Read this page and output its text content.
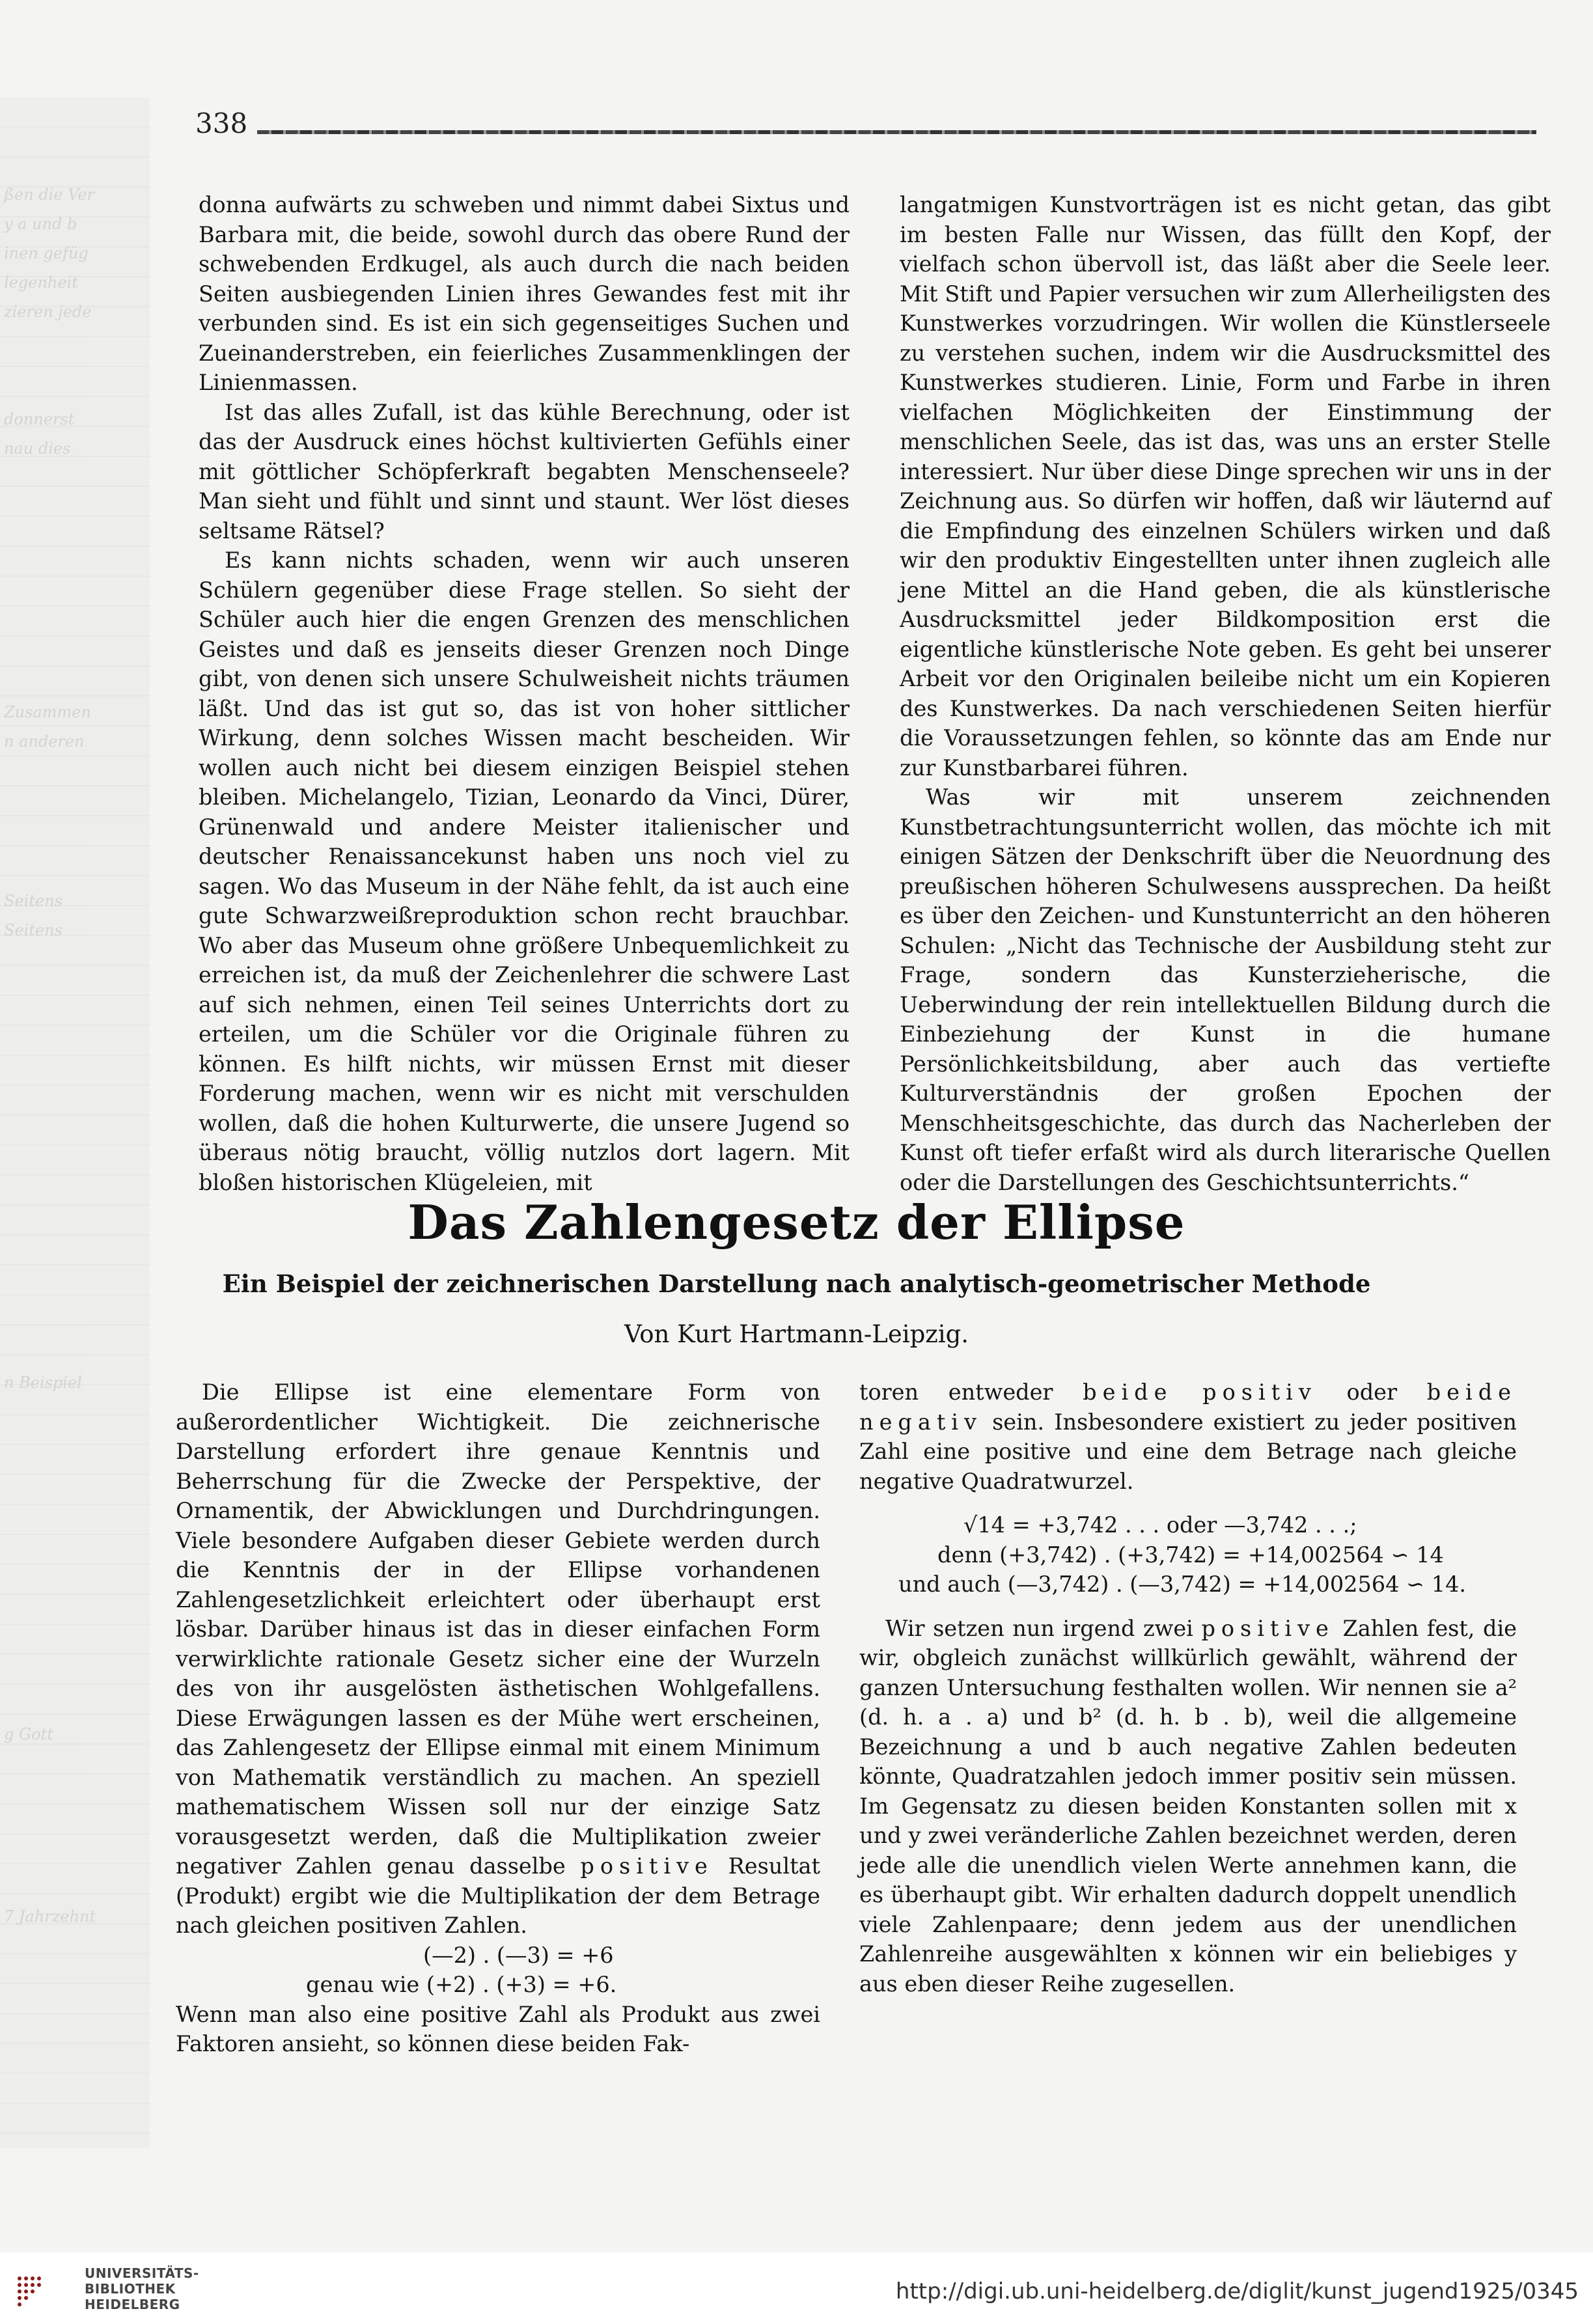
ßen die Ver
y a und b
inen gefüg
legenheit
zieren jede
donnerst
nau dies
Zusammen
n anderen
Seitens
Seitens
n Beispiel
g Gott
7 Jahrzehnt
338

donna aufwärts zu schweben und nimmt dabei Sixtus und Barbara mit, die beide, sowohl durch das obere Rund der schwebenden Erdkugel, als auch durch die nach beiden Seiten ausbiegenden Linien ihres Gewandes fest mit ihr verbunden sind. Es ist ein sich gegenseitiges Suchen und Zueinanderstreben, ein feierliches Zusammenklingen der Linienmassen.

Ist das alles Zufall, ist das kühle Berechnung, oder ist das der Ausdruck eines höchst kultivierten Gefühls einer mit göttlicher Schöpferkraft begabten Menschenseele? Man sieht und fühlt und sinnt und staunt. Wer löst dieses seltsame Rätsel?

Es kann nichts schaden, wenn wir auch unseren Schülern gegenüber diese Frage stellen. So sieht der Schüler auch hier die engen Grenzen des menschlichen Geistes und daß es jenseits dieser Grenzen noch Dinge gibt, von denen sich unsere Schulweisheit nichts träumen läßt. Und das ist gut so, das ist von hoher sittlicher Wirkung, denn solches Wissen macht bescheiden. Wir wollen auch nicht bei diesem einzigen Beispiel stehen bleiben. Michelangelo, Tizian, Leonardo da Vinci, Dürer, Grünenwald und andere Meister italienischer und deutscher Renaissancekunst haben uns noch viel zu sagen. Wo das Museum in der Nähe fehlt, da ist auch eine gute Schwarzweißreproduktion schon recht brauchbar. Wo aber das Museum ohne größere Unbequemlichkeit zu erreichen ist, da muß der Zeichenlehrer die schwere Last auf sich nehmen, einen Teil seines Unterrichts dort zu erteilen, um die Schüler vor die Originale führen zu können. Es hilft nichts, wir müssen Ernst mit dieser Forderung machen, wenn wir es nicht mit verschulden wollen, daß die hohen Kulturwerte, die unsere Jugend so überaus nötig braucht, völlig nutzlos dort lagern. Mit bloßen historischen Klügeleien, mit

langatmigen Kunstvorträgen ist es nicht getan, das gibt im besten Falle nur Wissen, das füllt den Kopf, der vielfach schon übervoll ist, das läßt aber die Seele leer. Mit Stift und Papier versuchen wir zum Allerheiligsten des Kunstwerkes vorzudringen. Wir wollen die Künstlerseele zu verstehen suchen, indem wir die Ausdrucksmittel des Kunstwerkes studieren. Linie, Form und Farbe in ihren vielfachen Möglichkeiten der Einstimmung der menschlichen Seele, das ist das, was uns an erster Stelle interessiert. Nur über diese Dinge sprechen wir uns in der Zeichnung aus. So dürfen wir hoffen, daß wir läuternd auf die Empfindung des einzelnen Schülers wirken und daß wir den produktiv Eingestellten unter ihnen zugleich alle jene Mittel an die Hand geben, die als künstlerische Ausdrucksmittel jeder Bildkomposition erst die eigentliche künstlerische Note geben. Es geht bei unserer Arbeit vor den Originalen beileibe nicht um ein Kopieren des Kunstwerkes. Da nach verschiedenen Seiten hierfür die Voraussetzungen fehlen, so könnte das am Ende nur zur Kunstbarbarei führen.

Was wir mit unserem zeichnenden Kunstbetrachtungsunterricht wollen, das möchte ich mit einigen Sätzen der Denkschrift über die Neuordnung des preußischen höheren Schulwesens aussprechen. Da heißt es über den Zeichen- und Kunstunterricht an den höheren Schulen: „Nicht das Technische der Ausbildung steht zur Frage, sondern das Kunsterzieherische, die Ueberwindung der rein intellektuellen Bildung durch die Einbeziehung der Kunst in die humane Persönlichkeitsbildung, aber auch das vertiefte Kulturverständnis der großen Epochen der Menschheitsgeschichte, das durch das Nacherleben der Kunst oft tiefer erfaßt wird als durch literarische Quellen oder die Darstellungen des Geschichtsunterrichts.“

Das Zahlengesetz der Ellipse
Ein Beispiel der zeichnerischen Darstellung nach analytisch-geometrischer Methode
Von Kurt Hartmann-Leipzig.

Die Ellipse ist eine elementare Form von außerordentlicher Wichtigkeit. Die zeichnerische Darstellung erfordert ihre genaue Kenntnis und Beherrschung für die Zwecke der Perspektive, der Ornamentik, der Abwicklungen und Durchdringungen. Viele besondere Aufgaben dieser Gebiete werden durch die Kenntnis der in der Ellipse vorhandenen Zahlengesetzlichkeit erleichtert oder überhaupt erst lösbar. Darüber hinaus ist das in dieser einfachen Form verwirklichte rationale Gesetz sicher eine der Wurzeln des von ihr ausgelösten ästhetischen Wohlgefallens. Diese Erwägungen lassen es der Mühe wert erscheinen, das Zahlengesetz der Ellipse einmal mit einem Minimum von Mathematik verständlich zu machen. An speziell mathematischem Wissen soll nur der einzige Satz vorausgesetzt werden, daß die Multiplikation zweier negativer Zahlen genau dasselbe positive Resultat (Produkt) ergibt wie die Multiplikation der dem Betrage nach gleichen positiven Zahlen.

(—2) . (—3) = +6

genau wie (+2) . (+3) = +6.

Wenn man also eine positive Zahl als Produkt aus zwei Faktoren ansieht, so können diese beiden Fak-

toren entweder beide positiv oder beide negativ sein. Insbesondere existiert zu jeder positiven Zahl eine positive und eine dem Betrage nach gleiche negative Quadratwurzel.

√14 = +3,742 . . . oder —3,742 . . .;

denn (+3,742) . (+3,742) = +14,002564 ∽ 14

und auch (—3,742) . (—3,742) = +14,002564 ∽ 14.

Wir setzen nun irgend zwei positive Zahlen fest, die wir, obgleich zunächst willkürlich gewählt, während der ganzen Untersuchung festhalten wollen. Wir nennen sie a² (d. h. a . a) und b² (d. h. b . b), weil die allgemeine Bezeichnung a und b auch negative Zahlen bedeuten könnte, Quadratzahlen jedoch immer positiv sein müssen. Im Gegensatz zu diesen beiden Konstanten sollen mit x und y zwei veränderliche Zahlen bezeichnet werden, deren jede alle die unendlich vielen Werte annehmen kann, die es überhaupt gibt. Wir erhalten dadurch doppelt unendlich viele Zahlenpaare; denn jedem aus der unendlichen Zahlenreihe ausgewählten x können wir ein beliebiges y aus eben dieser Reihe zugesellen.

UNIVERSITÄTS-
BIBLIOTHEK
HEIDELBERG	http://digi.ub.uni-heidelberg.de/diglit/kunst_jugend1925/0345
